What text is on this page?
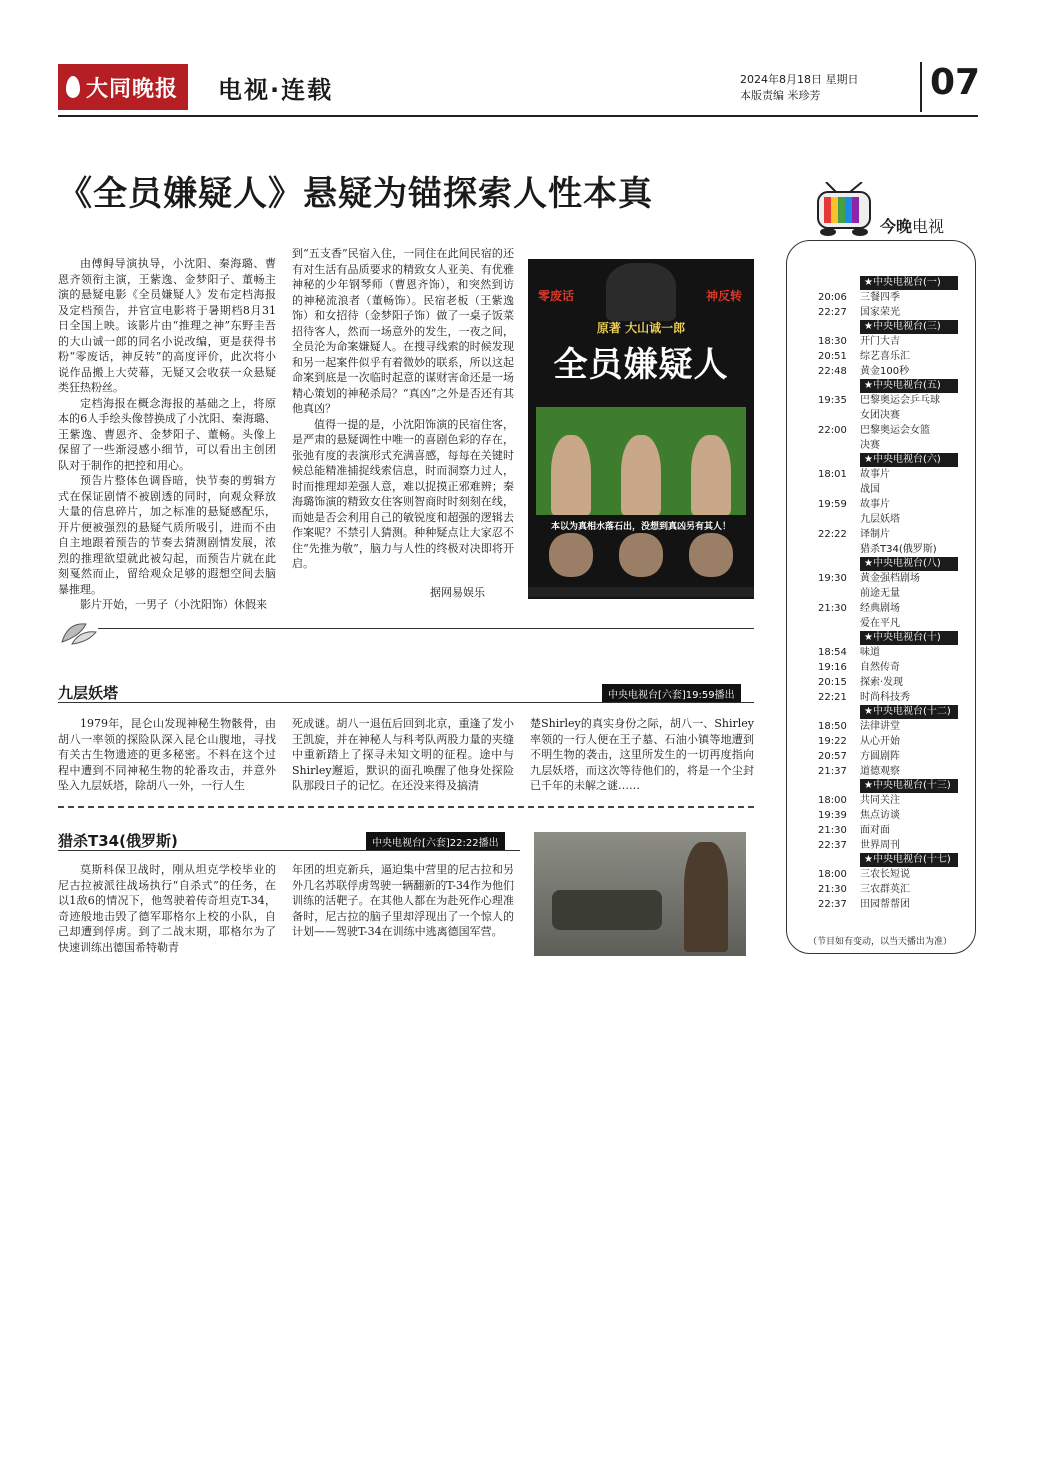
大同晚报 电视·连载	2024年8月18日 星期日
本版责编 米珍芳	07
《全员嫌疑人》悬疑为锚探索人性本真

由傅鲟导演执导，小沈阳、秦海璐、曹恩齐领衔主演，王紫逸、金梦阳子、董畅主演的悬疑电影《全员嫌疑人》发布定档海报及定档预告，并官宣电影将于暑期档8月31日全国上映。该影片由“推理之神”东野圭吾的大山诚一郎的同名小说改编，更是获得书粉“零废话，神反转”的高度评价，此次将小说作品搬上大荧幕，无疑又会收获一众悬疑类狂热粉丝。

定档海报在概念海报的基础之上，将原本的6人手绘头像替换成了小沈阳、秦海璐、王紫逸、曹恩齐、金梦阳子、董畅。头像上保留了一些渐浸感小细节，可以看出主创团队对于制作的把控和用心。

预告片整体色调昏暗，快节奏的剪辑方式在保证剧情不被剧透的同时，向观众释放大量的信息碎片，加之标准的悬疑感配乐，开片便被强烈的悬疑气质所吸引，进而不由自主地跟着预告的节奏去猜测剧情发展，浓烈的推理欲望就此被勾起，而预告片就在此刻戛然而止，留给观众足够的遐想空间去脑暴推理。

影片开始，一男子（小沈阳饰）休假来

到“五支香”民宿入住，一同住在此间民宿的还有对生活有品质要求的精致女人亚美、有优雅神秘的少年钢琴师（曹恩齐饰），和突然到访的神秘流浪者（董畅饰）。民宿老板（王紫逸饰）和女招待（金梦阳子饰）做了一桌子饭菜招待客人，然而一场意外的发生，一夜之间，全员沦为命案嫌疑人。在搜寻线索的时候发现和另一起案件似乎有着微妙的联系，所以这起命案到底是一次临时起意的谋财害命还是一场精心策划的神秘杀局？“真凶”之外是否还有其他真凶？

值得一提的是，小沈阳饰演的民宿住客，是严肃的悬疑调性中唯一的喜剧色彩的存在，张弛有度的表演形式充满喜感，每每在关键时候总能精准捕捉线索信息，时而洞察力过人，时而推理却差强人意，难以捉摸正邪难辨；秦海璐饰演的精致女住客则智商时时刻刻在线，而她是否会利用自己的敏锐度和超强的逻辑去作案呢？不禁引人猜测。种种疑点让大家忍不住“先推为敬”，脑力与人性的终极对决即将开启。

据网易娱乐
零废话	神反转
原著 大山诚一郎
全员嫌疑人
本以为真相水落石出，没想到真凶另有其人！
九层妖塔	中央电视台[六套]19:59播出

1979年，昆仑山发现神秘生物骸骨，由胡八一率领的探险队深入昆仑山腹地，寻找有关古生物遗迹的更多秘密。不料在这个过程中遭到不同神秘生物的轮番攻击，并意外坠入九层妖塔，除胡八一外，一行人生

死成谜。胡八一退伍后回到北京，重逢了发小王凯旋，并在神秘人与科考队两股力量的夹缝中重新踏上了探寻未知文明的征程。途中与Shirley邂逅，默识的面孔唤醒了他身处探险队那段日子的记忆。在还没来得及搞清

楚Shirley的真实身份之际，胡八一、Shirley率领的一行人便在王子墓、石油小镇等地遭到不明生物的袭击，这里所发生的一切再度指向九层妖塔，而这次等待他们的，将是一个尘封已千年的未解之谜……

猎杀T34(俄罗斯)	中央电视台[六套]22:22播出

莫斯科保卫战时，刚从坦克学校毕业的尼古拉被派往战场执行“自杀式”的任务，在以1敌6的情况下，他驾驶着传奇坦克T-34，奇迹般地击毁了德军耶格尔上校的小队，自己却遭到俘虏。到了二战末期，耶格尔为了快速训练出德国希特勒青

年团的坦克新兵，逼迫集中营里的尼古拉和另外几名苏联俘虏驾驶一辆翻新的T-34作为他们训练的活靶子。在其他人都在为赴死作心理准备时，尼古拉的脑子里却浮现出了一个惊人的计划——驾驶T-34在训练中逃离德国军营。

今晚电视
★中央电视台(一)
20:06	三餐四季
22:27	国家荣光
★中央电视台(三)
18:30	开门大吉
20:51	综艺喜乐汇
22:48	黄金100秒
★中央电视台(五)
19:35	巴黎奥运会乒乓球
女团决赛
22:00	巴黎奥运会女篮
决赛
★中央电视台(六)
18:01	故事片
战国
19:59	故事片
九层妖塔
22:22	译制片
猎杀T34(俄罗斯)
★中央电视台(八)
19:30	黄金强档剧场
前途无量
21:30	经典剧场
爱在平凡
★中央电视台(十)
18:54	味道
19:16	自然传奇
20:15	探索·发现
22:21	时尚科技秀
★中央电视台(十二)
18:50	法律讲堂
19:22	从心开始
20:57	方圆剧阵
21:37	道德观察
★中央电视台(十三)
18:00	共同关注
19:39	焦点访谈
21:30	面对面
22:37	世界周刊
★中央电视台(十七)
18:00	三农长短说
21:30	三农群英汇
22:37	田园帮帮团
（节目如有变动，以当天播出为准）
